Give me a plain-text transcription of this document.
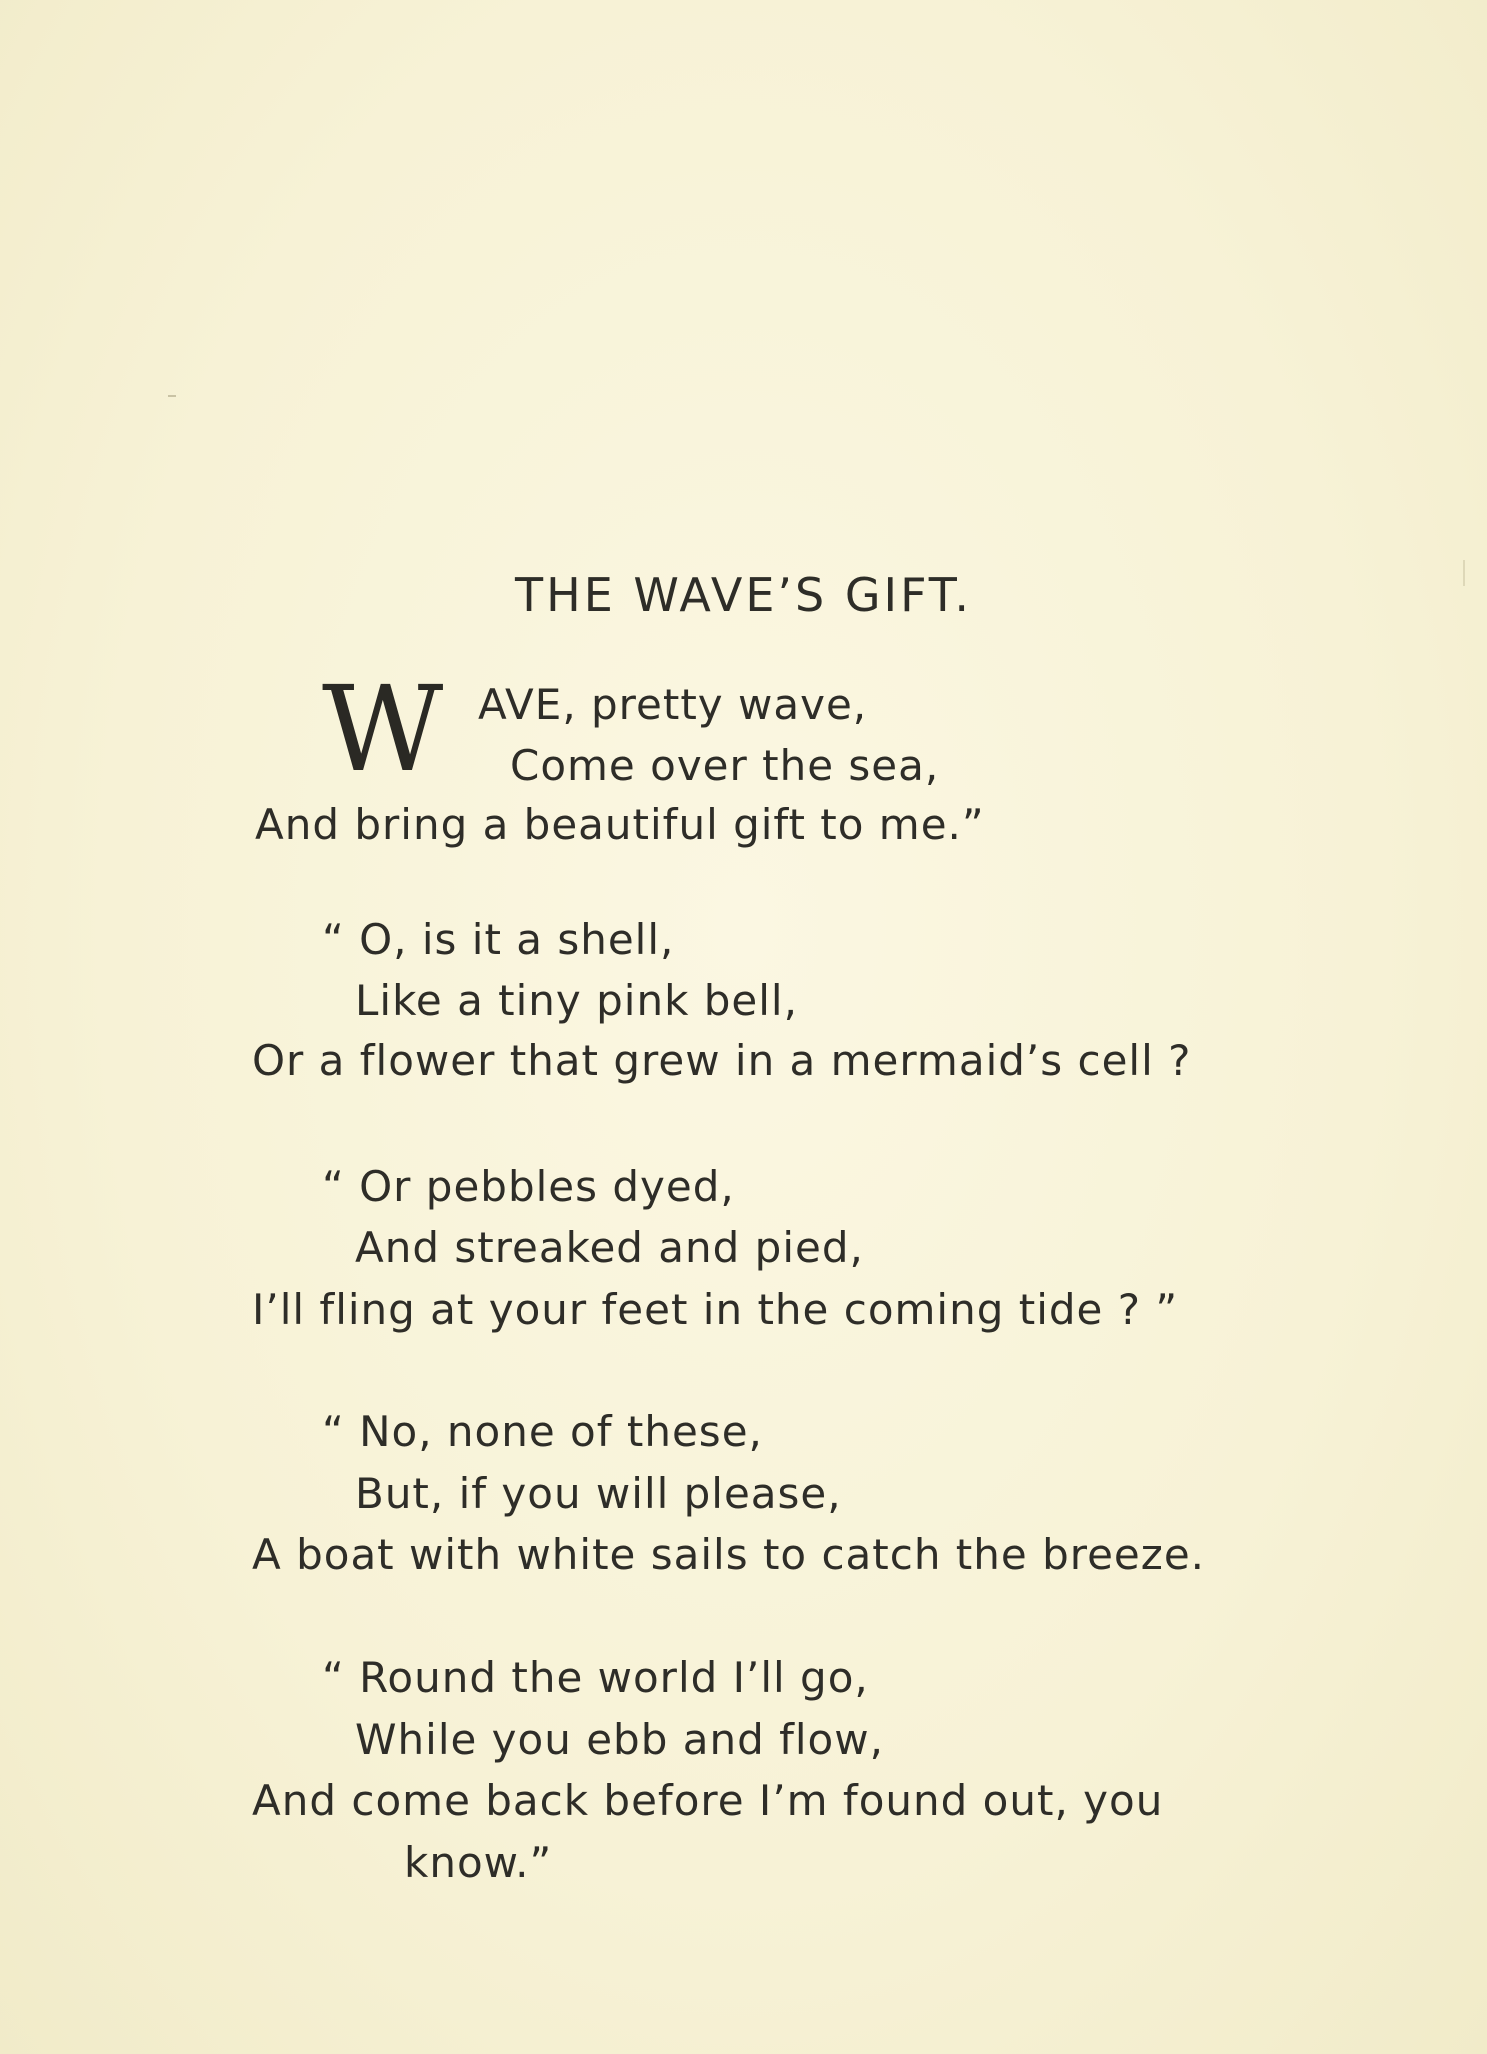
THE WAVE’S GIFT.
W AVE, pretty wave,
Come over the sea,
And bring a beautiful gift to me.”
“ O, is it a shell,
Like a tiny pink bell,
Or a flower that grew in a mermaid’s cell ?
“ Or pebbles dyed,
And streaked and pied,
I’ll fling at your feet in the coming tide ? ”
“ No, none of these,
But, if you will please,
A boat with white sails to catch the breeze.
“ Round the world I’ll go,
While you ebb and flow,
And come back before I’m found out, you
know.”
